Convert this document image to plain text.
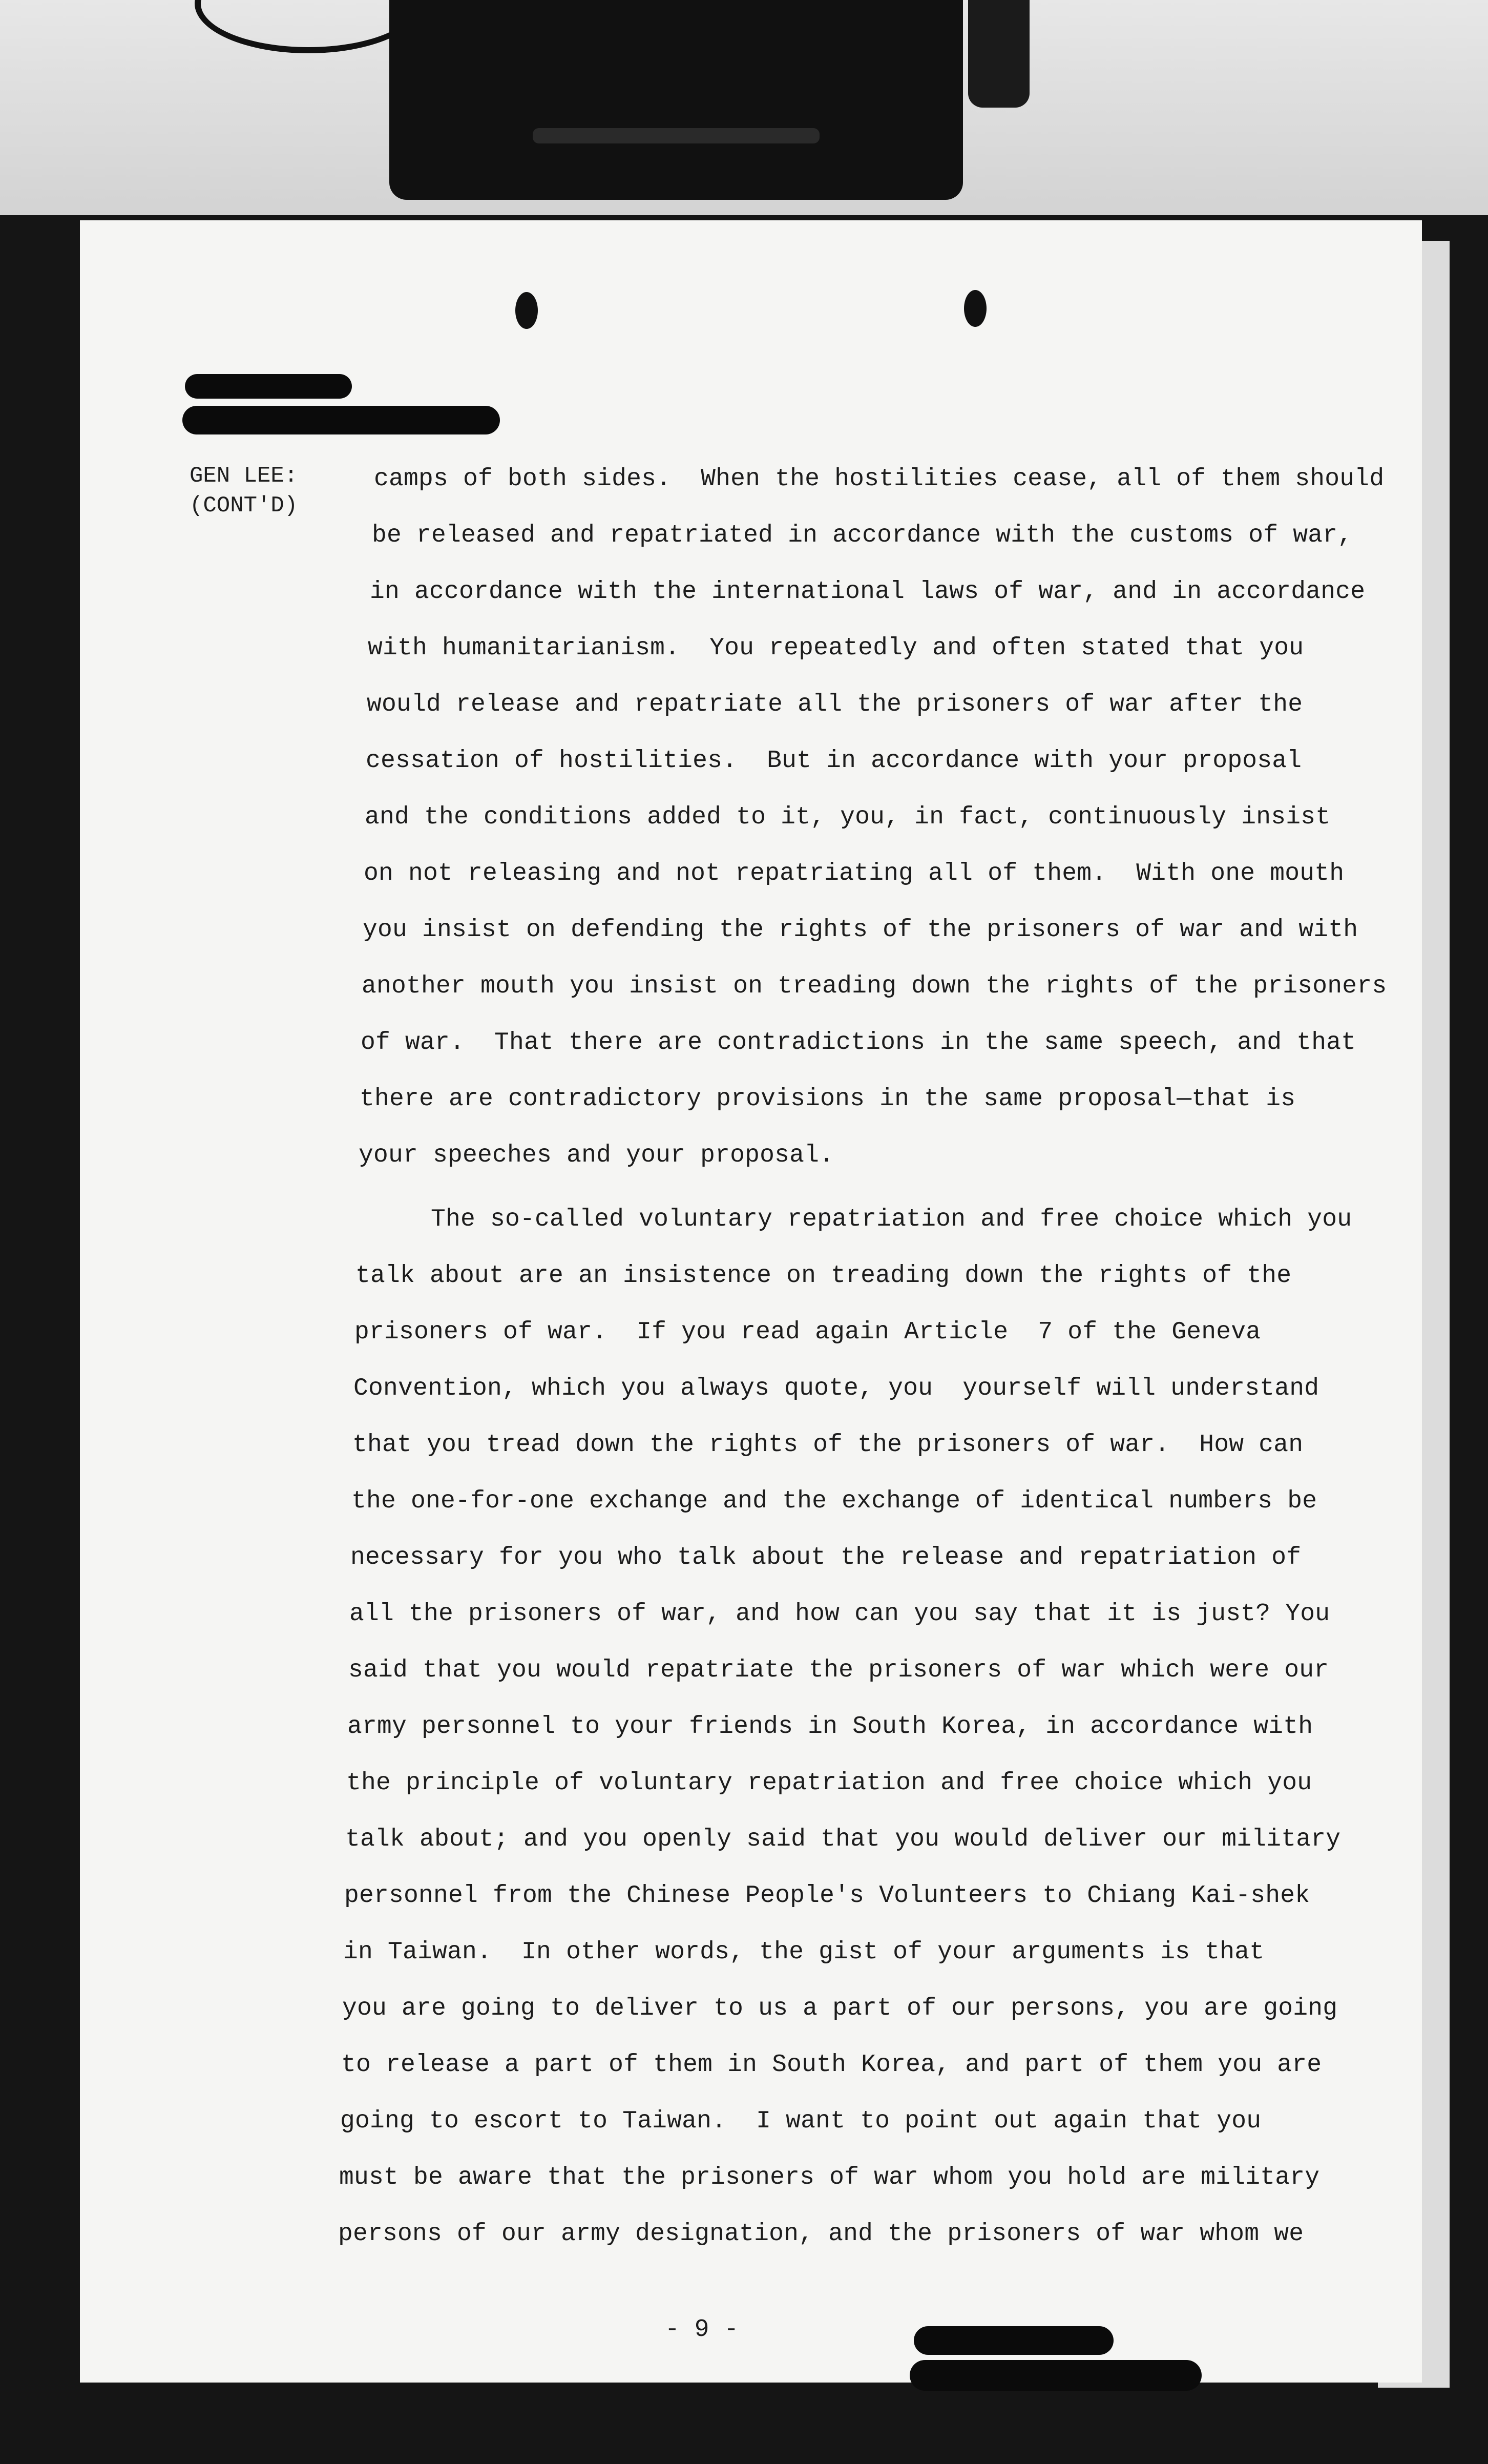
GEN LEE:
(CONT'D)

camps of both sides.  When the hostilities cease, all of them should

be released and repatriated in accordance with the customs of war,

in accordance with the international laws of war, and in accordance

with humanitarianism.  You repeatedly and often stated that you

would release and repatriate all the prisoners of war after the

cessation of hostilities.  But in accordance with your proposal

and the conditions added to it, you, in fact, continuously insist

on not releasing and not repatriating all of them.  With one mouth

you insist on defending the rights of the prisoners of war and with

another mouth you insist on treading down the rights of the prisoners

of war.  That there are contradictions in the same speech, and that

there are contradictory provisions in the same proposal—that is

your speeches and your proposal.

The so-called voluntary repatriation and free choice which you

talk about are an insistence on treading down the rights of the

prisoners of war.  If you read again Article  7 of the Geneva

Convention, which you always quote, you  yourself will understand

that you tread down the rights of the prisoners of war.  How can

the one-for-one exchange and the exchange of identical numbers be

necessary for you who talk about the release and repatriation of

all the prisoners of war, and how can you say that it is just? You

said that you would repatriate the prisoners of war which were our

army personnel to your friends in South Korea, in accordance with

the principle of voluntary repatriation and free choice which you

talk about; and you openly said that you would deliver our military

personnel from the Chinese People's Volunteers to Chiang Kai-shek

in Taiwan.  In other words, the gist of your arguments is that

you are going to deliver to us a part of our persons, you are going

to release a part of them in South Korea, and part of them you are

going to escort to Taiwan.  I want to point out again that you

must be aware that the prisoners of war whom you hold are military

persons of our army designation, and the prisoners of war whom we

- 9 -
